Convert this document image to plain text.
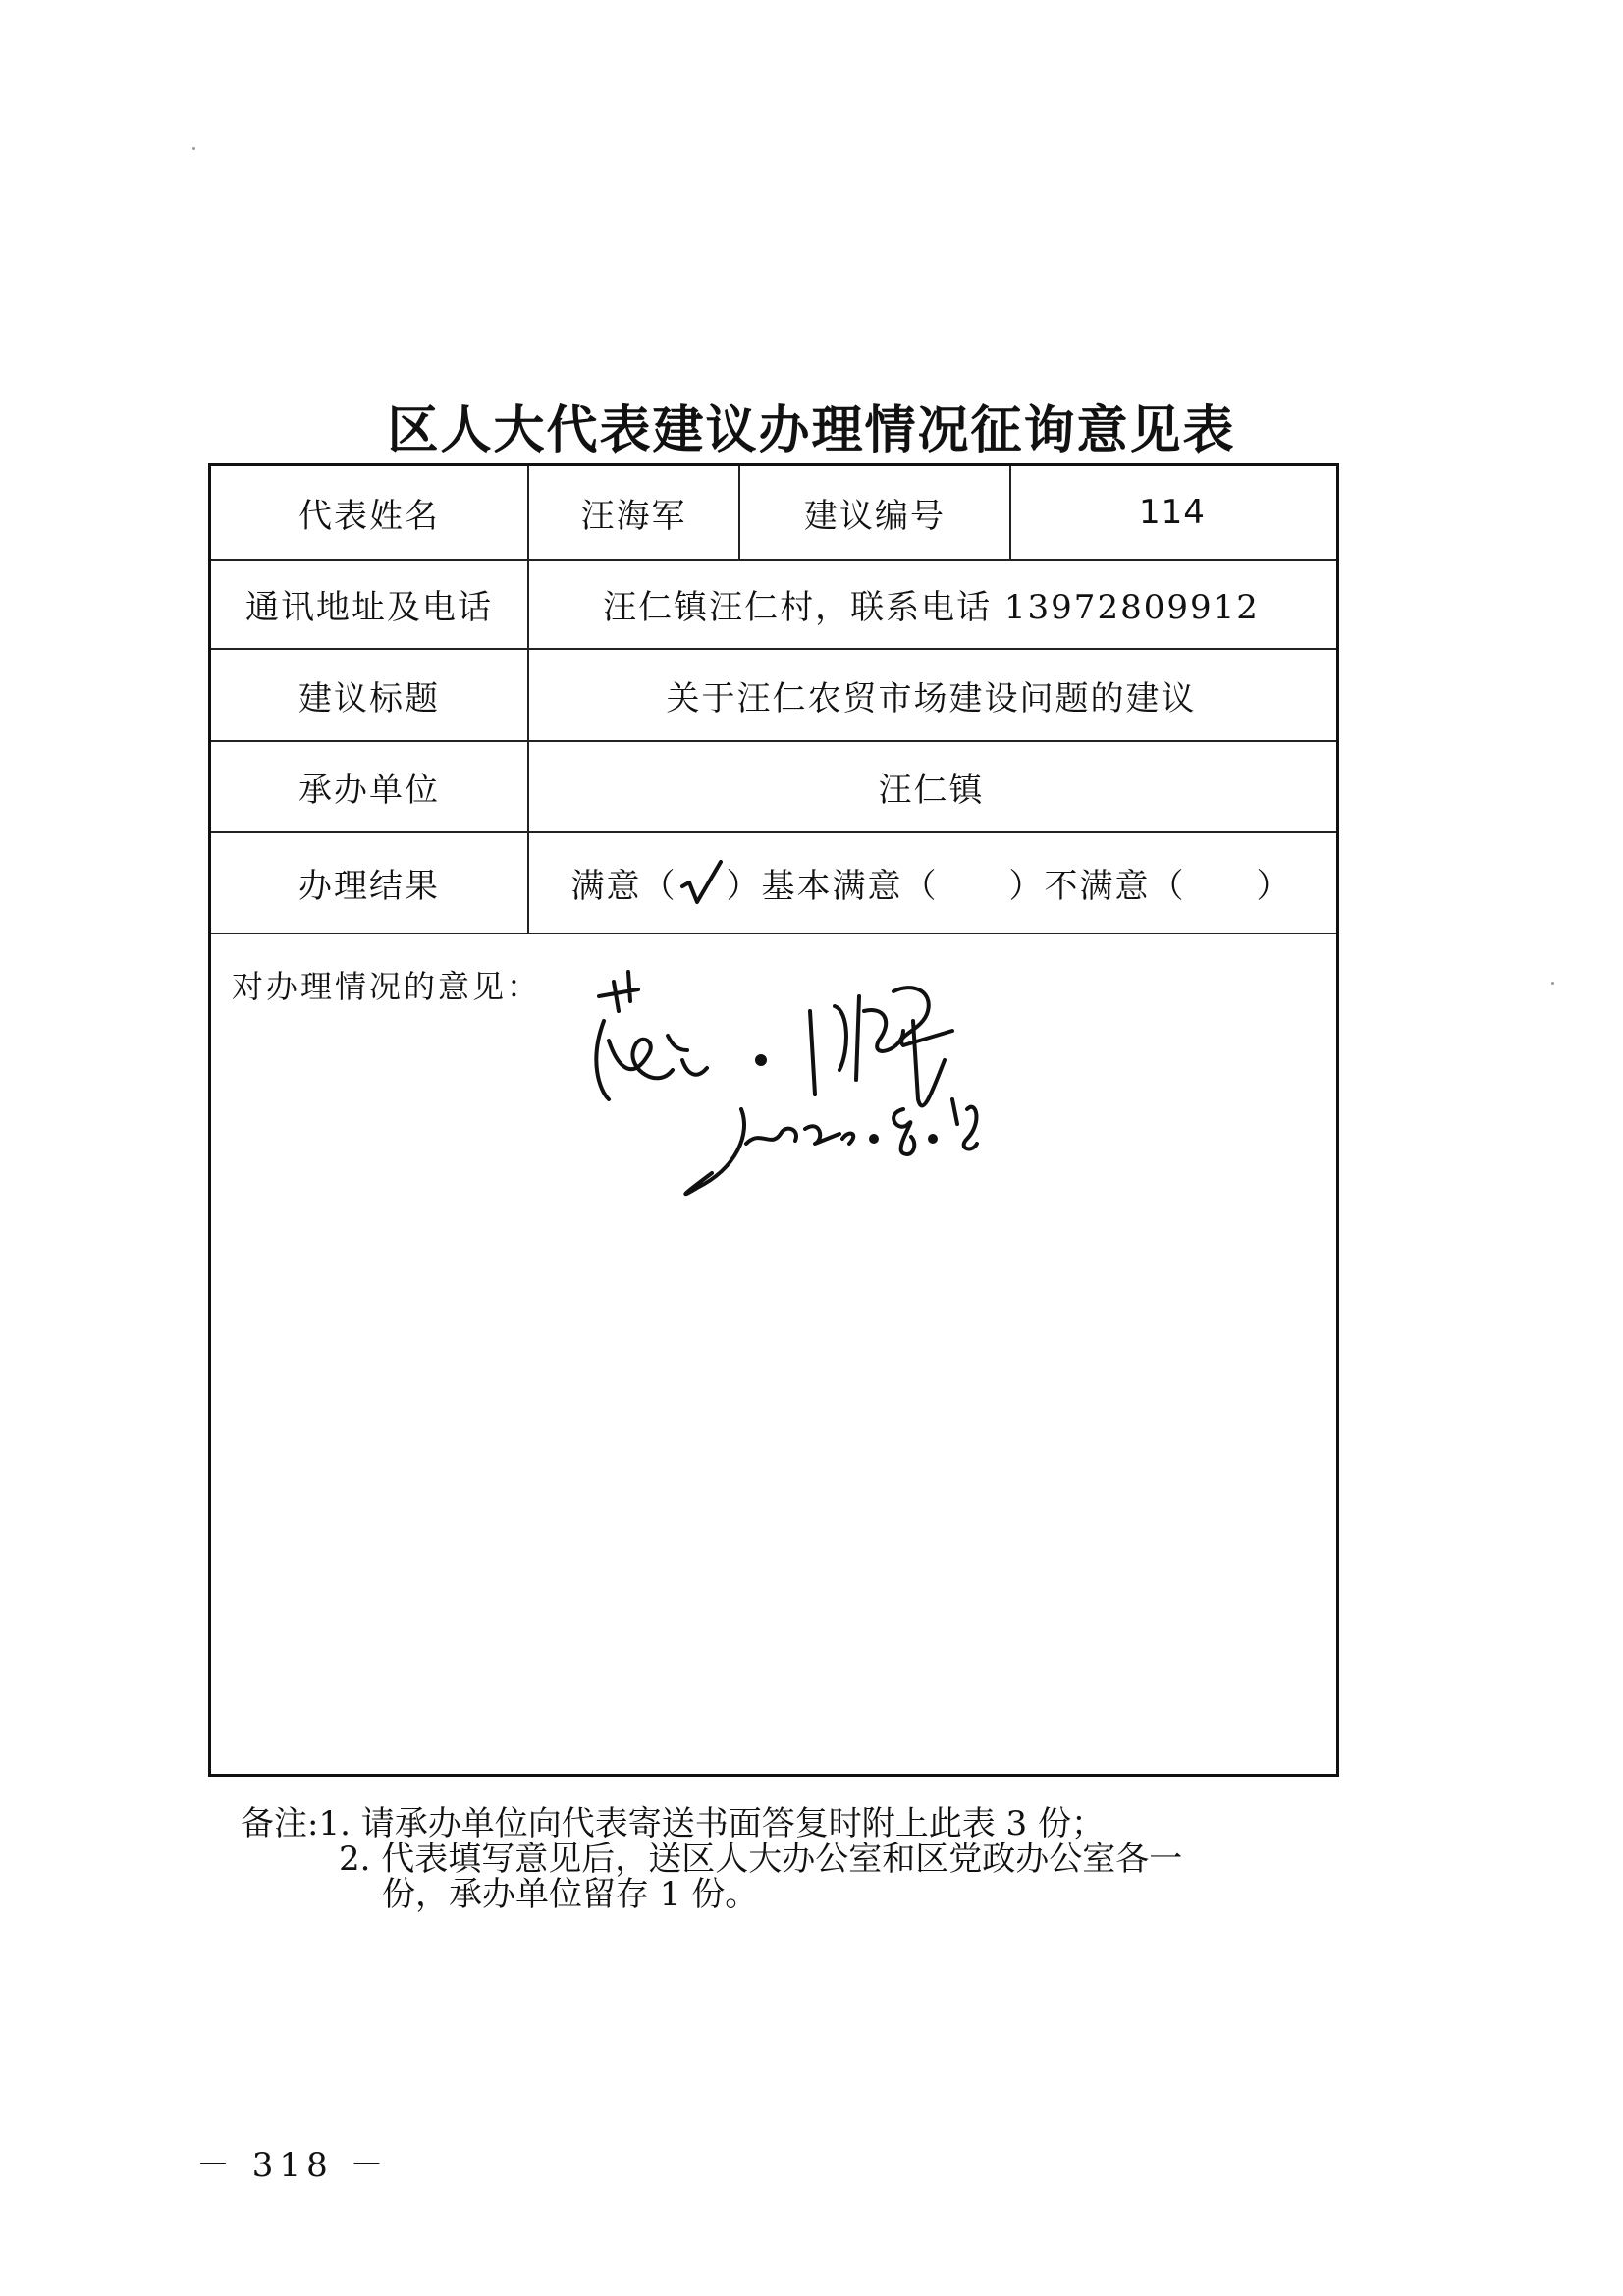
区人大代表建议办理情况征询意见表
代表姓名	汪海军	建议编号	114
通讯地址及电话	汪仁镇汪仁村，联系电话 13972809912
建议标题	关于汪仁农贸市场建设问题的建议
承办单位	汪仁镇
办理结果	满意（ ）基本满意（　　）不满意（　　）
对办理情况的意见：
备注:1. 请承办单位向代表寄送书面答复时附上此表 3 份；
2. 代表填写意见后，送区人大办公室和区党政办公室各一
份，承办单位留存 1 份。
－ 318 －
